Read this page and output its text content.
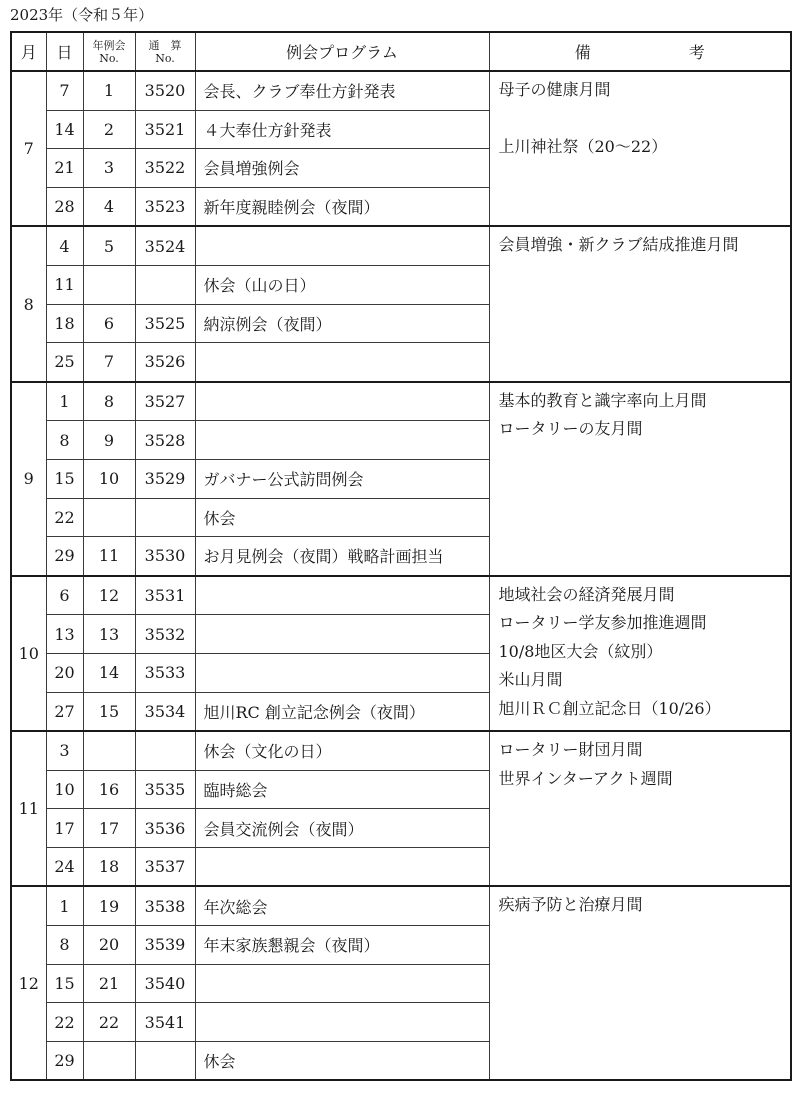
2023年（令和５年）
月	日	年例会
No.	通　算
No.	例会プログラム	備 考

7	7	1	3520	会長、クラブ奉仕方針発表	母子の健康月間
上川神社祭（20〜22）

	14	2	3521	４大奉仕方針発表	
	21	3	3522	会員増強例会	
	28	4	3523	新年度親睦例会（夜間）	
8	4	5	3524		会員増強・新クラブ結成推進月間

	11			休会（山の日）	
	18	6	3525	納涼例会（夜間）	
	25	7	3526		
9	1	8	3527		基本的教育と識字率向上月間
ロータリーの友月間

	8	9	3528		
	15	10	3529	ガバナー公式訪問例会	
	22			休会	
	29	11	3530	お月見例会（夜間）戦略計画担当	
10	6	12	3531		地域社会の経済発展月間
ロータリー学友参加推進週間
10/8地区大会（紋別）
米山月間
旭川ＲＣ創立記念日（10/26）

	13	13	3532		
	20	14	3533		
	27	15	3534	旭川RC 創立記念例会（夜間）	
11	3			休会（文化の日）	ロータリー財団月間
世界インターアクト週間

	10	16	3535	臨時総会	
	17	17	3536	会員交流例会（夜間）	
	24	18	3537		
12	1	19	3538	年次総会	疾病予防と治療月間

	8	20	3539	年末家族懇親会（夜間）	
	15	21	3540		
	22	22	3541		
	29			休会	
